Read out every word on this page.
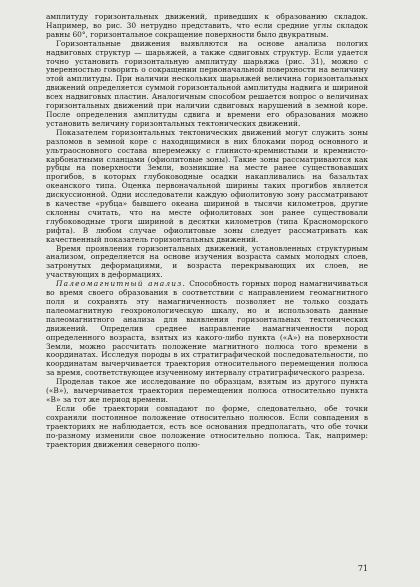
амплитуду горизонтальных движений, приведших к образованию складок. Например, во рис. 30 нетрудно представить, что если средние углы складок равны 60°, горизонтальное сокращение поверхности было двукратным.

Горизонтальные движения выявляются на основе анализа пологих надвиговых структур — шарьяжей, а также сдвиговых структур. Если удается точно установить горизонтальную амплитуду шарьяжа (рис. 31), можно с уверенностью говорить о сокращении первоначальной поверхности на величину этой амплитуды. При наличии нескольких шарьяжей величина горизонтальных движений определяется суммой горизонтальной амплитуды надвига и шириной всех надвиговых пластин. Аналогичным способом решается вопрос о величинах горизонтальных движений при наличии сдвиговых нарушений в земной коре. После определения амплитуды сдвига и времени его образования можно установить величину горизонтальных тектонических движений.

Показателем горизонтальных тектонических движений могут служить зоны разломов в земной коре с находящимися в них блоками пород основного и ультраосновного состава вперемежку с глинисто-кремнистыми и кремнисто-карбонатными сланцами (офиолитовые зоны). Такие зоны рассматриваются как рубцы на поверхности Земли, возникшие на месте ранее существовавших прогибов, в которых глубоководные осадки накапливались на базальтах океанского типа. Оценка первоначальной ширины таких прогибов является дискуссионной. Одни исследователи каждую офиолитовую зону рассматривают в качестве «рубца» бывшего океана шириной в тысячи километров, другие склонны считать, что на месте офиолитовых зон ранее существовали глубоководные троги шириной в десятки километров (типа Красноморского рифта). В любом случае офиолитовые зоны следует рассматривать как качественный показатель горизонтальных движений.

Время проявления горизонтальных движений, установленных структурным анализом, определяется на основе изучения возраста самых молодых слоев, затронутых деформациями, и возраста перекрывающих их слоев, не участвующих в деформациях.

Палеомагнитный анализ. Способность горных пород намагничиваться во время своего образования в соответствии с направлением геомагнитного поля и сохранять эту намагниченность позволяет не только создать палеомагнитную геохронологическую шкалу, но и использовать данные палеомагнитного анализа для выявления горизонтальных тектонических движений. Определив среднее направление намагниченности пород определенного возраста, взятых из какого-либо пункта («А») на поверхности Земли, можно рассчитать положение магнитного полюса того времени в координатах. Исследуя породы в их стратиграфической последовательности, по координатам вычерчивается траектория относительного перемещения полюса за время, соответствующее изученному интервалу стратиграфического разреза.

Проделав такое же исследование по образцам, взятым из другого пункта («В»), вычерчивается траектория перемещения полюса относительно пункта «В» за тот же период времени.

Если обе траектории совпадают по форме, следовательно, обе точки сохраняли постоянное положение относительно полюсов. Если совпадения в траекториях не наблюдается, есть все основания предполагать, что обе точки по-разному изменили свое положение относительно полюса. Так, например: траектория движения северного полю-

71
